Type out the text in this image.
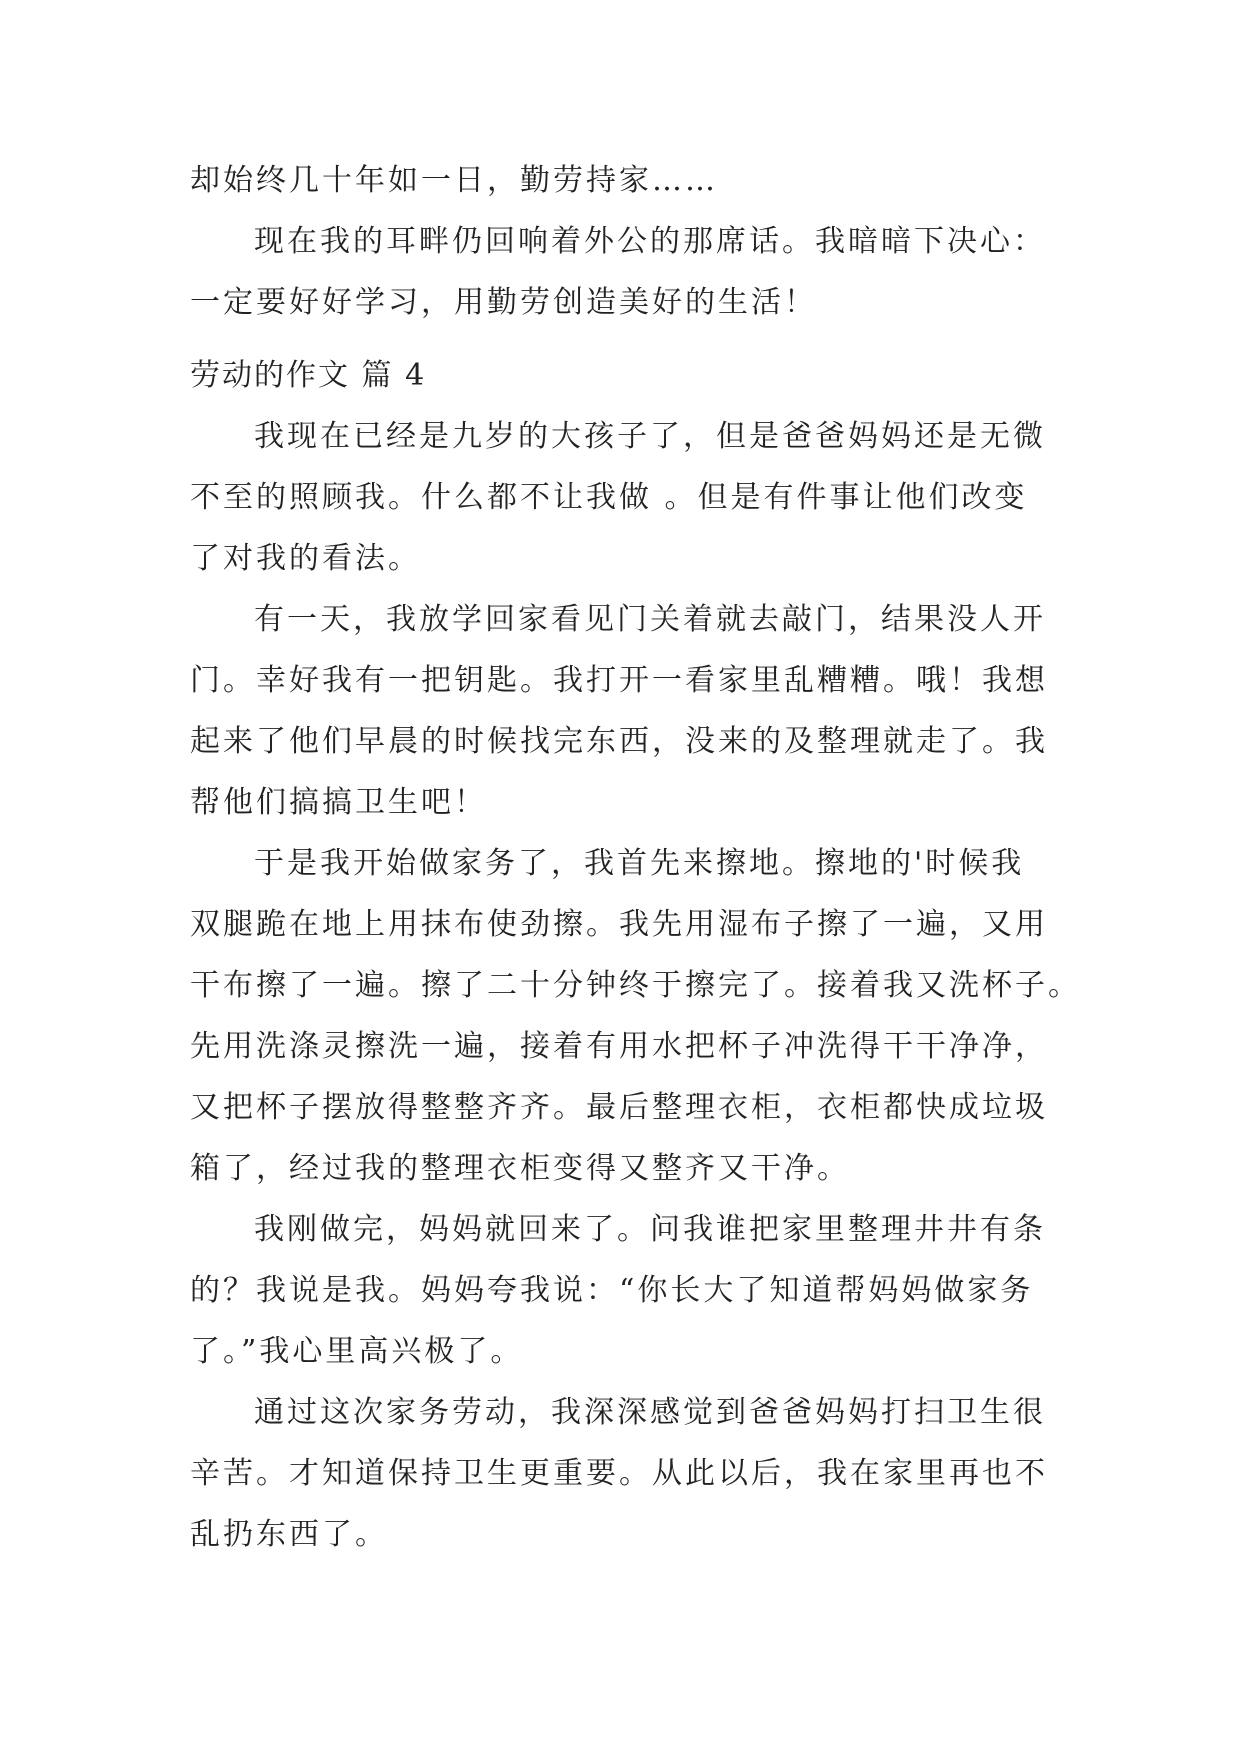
却始终几十年如一日，勤劳持家……
现在我的耳畔仍回响着外公的那席话。我暗暗下决心：
一定要好好学习，用勤劳创造美好的生活！
劳动的作文 篇 4
我现在已经是九岁的大孩子了，但是爸爸妈妈还是无微
不至的照顾我。什么都不让我做 。但是有件事让他们改变
了对我的看法。
有一天，我放学回家看见门关着就去敲门，结果没人开
门。幸好我有一把钥匙。我打开一看家里乱糟糟。哦！我想
起来了他们早晨的时候找完东西，没来的及整理就走了。我
帮他们搞搞卫生吧！
于是我开始做家务了，我首先来擦地。擦地的'时候我
双腿跪在地上用抹布使劲擦。我先用湿布子擦了一遍，又用
干布擦了一遍。擦了二十分钟终于擦完了。接着我又洗杯子。
先用洗涤灵擦洗一遍，接着有用水把杯子冲洗得干干净净，
又把杯子摆放得整整齐齐。最后整理衣柜，衣柜都快成垃圾
箱了，经过我的整理衣柜变得又整齐又干净。
我刚做完，妈妈就回来了。问我谁把家里整理井井有条
的？我说是我。妈妈夸我说：“你长大了知道帮妈妈做家务
了。”我心里高兴极了。
通过这次家务劳动，我深深感觉到爸爸妈妈打扫卫生很
辛苦。才知道保持卫生更重要。从此以后，我在家里再也不
乱扔东西了。
